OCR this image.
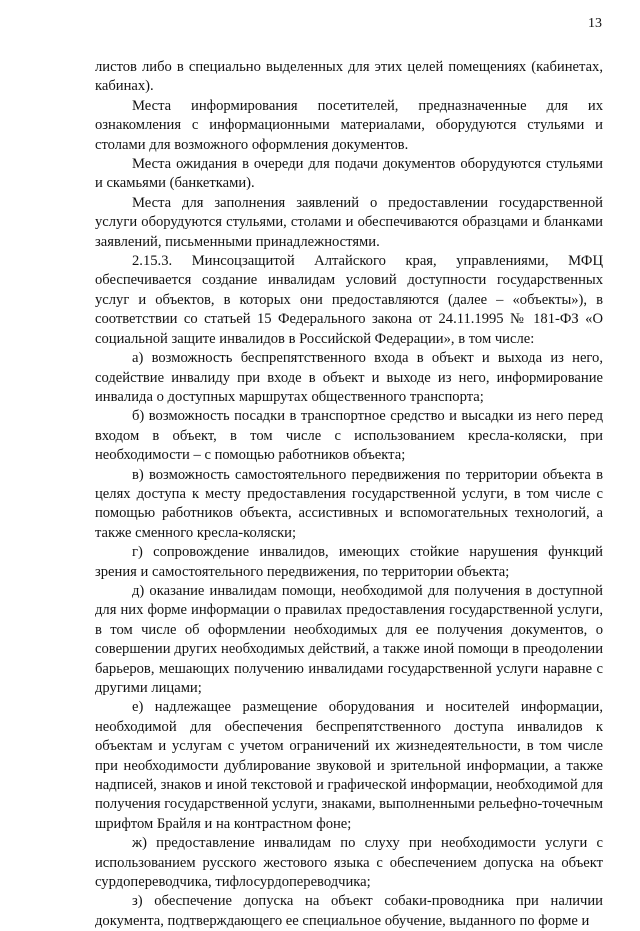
13

листов либо в специально выделенных для этих целей помещениях (кабинетах, кабинах).

Места информирования посетителей, предназначенные для их ознакомления с информационными материалами, оборудуются стульями и столами для возможного оформления документов.

Места ожидания в очереди для подачи документов оборудуются стульями и скамьями (банкетками).

Места для заполнения заявлений о предоставлении государственной услуги оборудуются стульями, столами и обеспечиваются образцами и бланками заявлений, письменными принадлежностями.

2.15.3. Минсоцзащитой Алтайского края, управлениями, МФЦ обеспечивается создание инвалидам условий доступности государственных услуг и объектов, в которых они предоставляются (далее – «объекты»), в соответствии со статьей 15 Федерального закона от 24.11.1995 № 181-ФЗ «О социальной защите инвалидов в Российской Федерации», в том числе:

а) возможность беспрепятственного входа в объект и выхода из него, содействие инвалиду при входе в объект и выходе из него, информирование инвалида о доступных маршрутах общественного транспорта;

б) возможность посадки в транспортное средство и высадки из него перед входом в объект, в том числе с использованием кресла-коляски, при необходимости – с помощью работников объекта;

в) возможность самостоятельного передвижения по территории объекта в целях доступа к месту предоставления государственной услуги, в том числе с помощью работников объекта, ассистивных и вспомогательных технологий, а также сменного кресла-коляски;

г) сопровождение инвалидов, имеющих стойкие нарушения функций зрения и самостоятельного передвижения, по территории объекта;

д) оказание инвалидам помощи, необходимой для получения в доступной для них форме информации о правилах предоставления государственной услуги, в том числе об оформлении необходимых для ее получения документов, о совершении других необходимых действий, а также иной помощи в преодолении барьеров, мешающих получению инвалидами государственной услуги наравне с другими лицами;

е) надлежащее размещение оборудования и носителей информации, необходимой для обеспечения беспрепятственного доступа инвалидов к объектам и услугам с учетом ограничений их жизнедеятельности, в том числе при необходимости дублирование звуковой и зрительной информации, а также надписей, знаков и иной текстовой и графической информации, необходимой для получения государственной услуги, знаками, выполненными рельефно-точечным шрифтом Брайля и на контрастном фоне;

ж) предоставление инвалидам по слуху при необходимости услуги с использованием русского жестового языка с обеспечением допуска на объект сурдопереводчика, тифлосурдопереводчика;

з) обеспечение допуска на объект собаки-проводника при наличии документа, подтверждающего ее специальное обучение, выданного по форме и
